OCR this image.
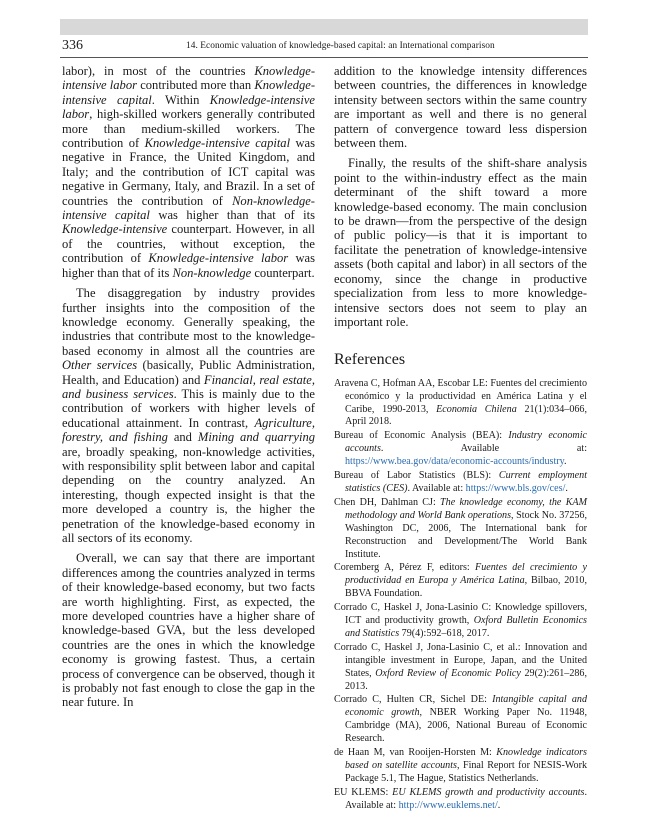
336	14. Economic valuation of knowledge-based capital: an International comparison

labor), in most of the countries Knowledge-intensive labor contributed more than Knowledge-intensive capital. Within Knowledge-intensive labor, high-skilled workers generally contributed more than medium-skilled workers. The contribution of Knowledge-intensive capital was negative in France, the United Kingdom, and Italy; and the contribution of ICT capital was negative in Germany, Italy, and Brazil. In a set of countries the contribution of Non-knowledge-intensive capital was higher than that of its Knowledge-intensive counterpart. However, in all of the countries, without exception, the contribution of Knowledge-intensive labor was higher than that of its Non-knowledge counterpart.

The disaggregation by industry provides further insights into the composition of the knowledge economy. Generally speaking, the industries that contribute most to the knowledge-based economy in almost all the countries are Other services (basically, Public Administration, Health, and Education) and Financial, real estate, and business services. This is mainly due to the contribution of workers with higher levels of educational attainment. In contrast, Agriculture, forestry, and fishing and Mining and quarrying are, broadly speaking, non-knowledge activities, with responsibility split between labor and capital depending on the country analyzed. An interesting, though expected insight is that the more developed a country is, the higher the penetration of the knowledge-based economy in all sectors of its economy.

Overall, we can say that there are important differences among the countries analyzed in terms of their knowledge-based economy, but two facts are worth highlighting. First, as expected, the more developed countries have a higher share of knowledge-based GVA, but the less developed countries are the ones in which the knowledge economy is growing fastest. Thus, a certain process of convergence can be observed, though it is probably not fast enough to close the gap in the near future. In

addition to the knowledge intensity differences between countries, the differences in knowledge intensity between sectors within the same country are important as well and there is no general pattern of convergence toward less dispersion between them.

Finally, the results of the shift-share analysis point to the within-industry effect as the main determinant of the shift toward a more knowledge-based economy. The main conclusion to be drawn—from the perspective of the design of public policy—is that it is important to facilitate the penetration of knowledge-intensive assets (both capital and labor) in all sectors of the economy, since the change in productive specialization from less to more knowledge-intensive sectors does not seem to play an important role.

References

Aravena C, Hofman AA, Escobar LE: Fuentes del crecimiento económico y la productividad en América Latina y el Caribe, 1990-2013, Economia Chilena 21(1):034–066, April 2018.

Bureau of Economic Analysis (BEA): Industry economic accounts. Available at: https://www.bea.gov/data/economic-accounts/industry.

Bureau of Labor Statistics (BLS): Current employment statistics (CES). Available at: https://www.bls.gov/ces/.

Chen DH, Dahlman CJ: The knowledge economy, the KAM methodology and World Bank operations, Stock No. 37256, Washington DC, 2006, The International bank for Reconstruction and Development/The World Bank Institute.

Coremberg A, Pérez F, editors: Fuentes del crecimiento y productividad en Europa y América Latina, Bilbao, 2010, BBVA Foundation.

Corrado C, Haskel J, Jona-Lasinio C: Knowledge spillovers, ICT and productivity growth, Oxford Bulletin Economics and Statistics 79(4):592–618, 2017.

Corrado C, Haskel J, Jona-Lasinio C, et al.: Innovation and intangible investment in Europe, Japan, and the United States, Oxford Review of Economic Policy 29(2):261–286, 2013.

Corrado C, Hulten CR, Sichel DE: Intangible capital and economic growth, NBER Working Paper No. 11948, Cambridge (MA), 2006, National Bureau of Economic Research.

de Haan M, van Rooijen-Horsten M: Knowledge indicators based on satellite accounts, Final Report for NESIS-Work Package 5.1, The Hague, Statistics Netherlands.

EU KLEMS: EU KLEMS growth and productivity accounts. Available at: http://www.euklems.net/.
